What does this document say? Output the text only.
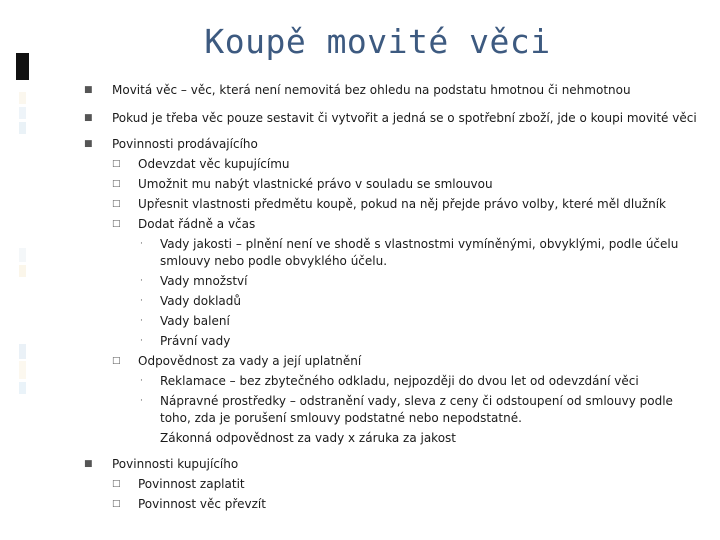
Koupě movité věci
■ Movitá věc – věc, která není nemovitá bez ohledu na podstatu hmotnou či nehmotnou
■ Pokud je třeba věc pouze sestavit či vytvořit a jedná se o spotřební zboží, jde o koupi movité věci
■ Povinnosti prodávajícího
□ Odevzdat věc kupujícímu
□ Umožnit mu nabýt vlastnické právo v souladu se smlouvou
□ Upřesnit vlastnosti předmětu koupě, pokud na něj přejde právo volby, které měl dlužník
□ Dodat řádně a včas
· Vady jakosti – plnění není ve shodě s vlastnostmi vymíněnými, obvyklými, podle účelu smlouvy nebo podle obvyklého účelu.
· Vady množství
· Vady dokladů
· Vady balení
· Právní vady
□ Odpovědnost za vady a její uplatnění
· Reklamace – bez zbytečného odkladu, nejpozději do dvou let od odevzdání věci
· Nápravné prostředky – odstranění vady, sleva z ceny či odstoupení od smlouvy podle toho, zda je porušení smlouvy podstatné nebo nepodstatné.
Zákonná odpovědnost za vady x záruka za jakost
■ Povinnosti kupujícího
□ Povinnost zaplatit
□ Povinnost věc převzít
